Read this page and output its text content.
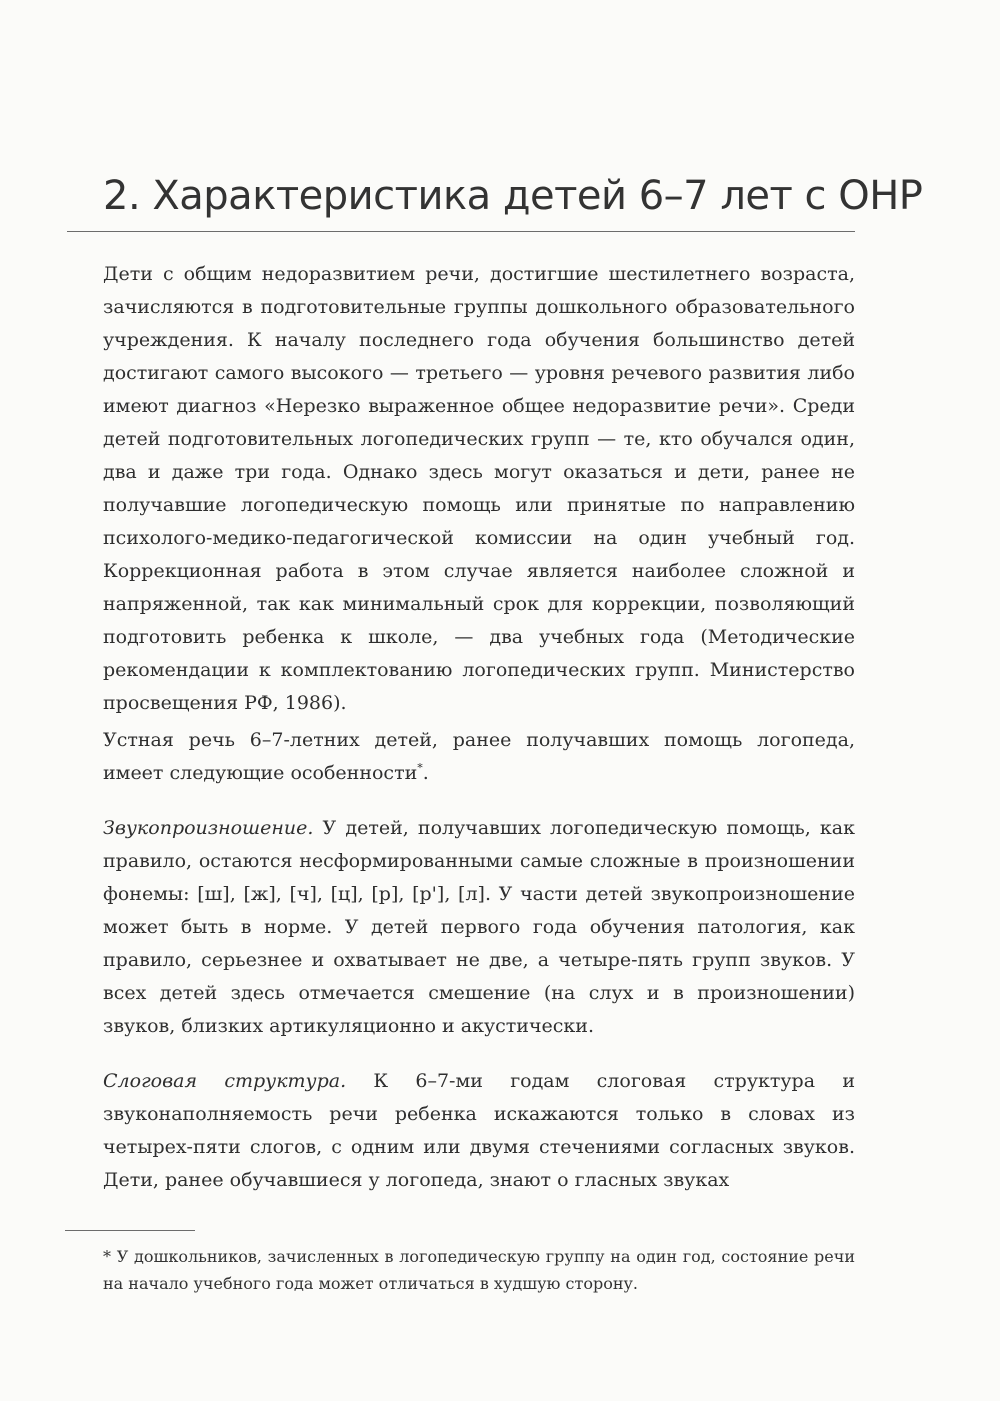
2. Характеристика детей 6–7 лет с ОНР

Дети с общим недоразвитием речи, достигшие шестилетнего возраста, зачисляются в подготовительные группы дошкольного образовательного учреждения. К началу последнего года обучения большинство детей достигают самого высокого — третьего — уровня речевого развития либо имеют диагноз «Нерезко выраженное общее недоразвитие речи». Среди детей подготовительных логопедических групп — те, кто обучался один, два и даже три года. Однако здесь могут оказаться и дети, ранее не получавшие логопедическую помощь или принятые по направлению психолого-медико-педагогической комиссии на один учебный год. Коррекционная работа в этом случае является наиболее сложной и напряженной, так как минимальный срок для коррекции, позволяющий подготовить ребенка к школе, — два учебных года (Методические рекомендации к комплектованию логопедических групп. Министерство просвещения РФ, 1986).

Устная речь 6–7-летних детей, ранее получавших помощь логопеда, имеет следующие особенности*.

Звукопроизношение. У детей, получавших логопедическую помощь, как правило, остаются несформированными самые сложные в произношении фонемы: [ш], [ж], [ч], [ц], [р], [р'], [л]. У части детей звукопроизношение может быть в норме. У детей первого года обучения патология, как правило, серьезнее и охватывает не две, а четыре-пять групп звуков. У всех детей здесь отмечается смешение (на слух и в произношении) звуков, близких артикуляционно и акустически.

Слоговая структура. К 6–7-ми годам слоговая структура и звуконаполняемость речи ребенка искажаются только в словах из четырех-пяти слогов, с одним или двумя стечениями согласных звуков. Дети, ранее обучавшиеся у логопеда, знают о гласных звуках

* У дошкольников, зачисленных в логопедическую группу на один год, состояние речи на начало учебного года может отличаться в худшую сторону.
